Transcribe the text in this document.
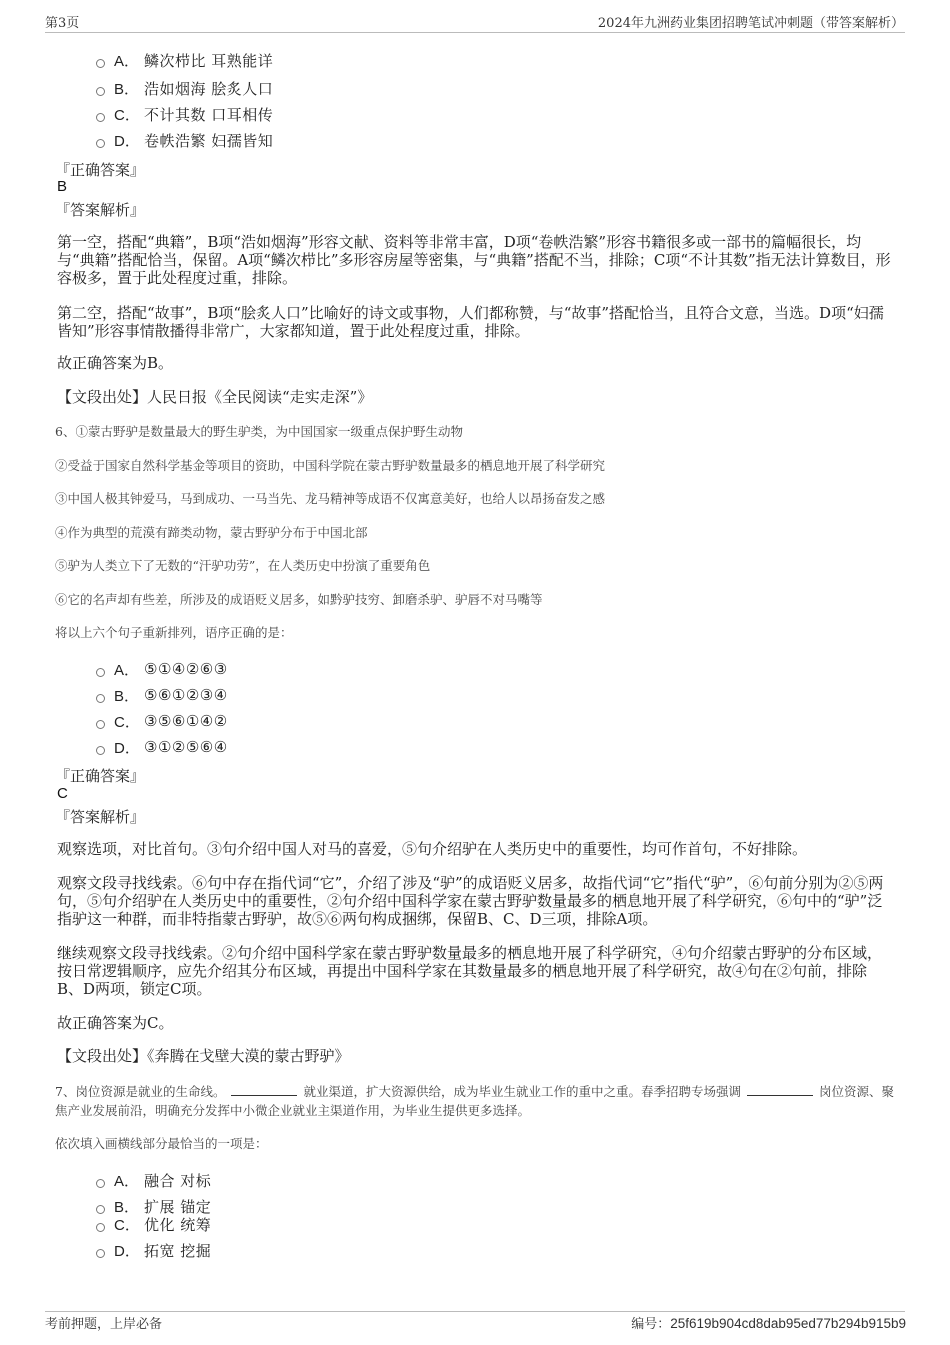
第3页	2024年九洲药业集团招聘笔试冲刺题（带答案解析）
A． 鳞次栉比 耳熟能详
B． 浩如烟海 脍炙人口
C． 不计其数 口耳相传
D． 卷帙浩繁 妇孺皆知
『正确答案』
B
『答案解析』

第一空，搭配“典籍”，B项“浩如烟海”形容文献、资料等非常丰富，D项“卷帙浩繁”形容书籍很多或一部书的篇幅很长，均与“典籍”搭配恰当，保留。A项“鳞次栉比”多形容房屋等密集，与“典籍”搭配不当，排除；C项“不计其数”指无法计算数目，形容极多，置于此处程度过重，排除。

第二空，搭配“故事”，B项“脍炙人口”比喻好的诗文或事物，人们都称赞，与“故事”搭配恰当，且符合文意，当选。D项“妇孺皆知”形容事情散播得非常广，大家都知道，置于此处程度过重，排除。

故正确答案为B。

【文段出处】人民日报《全民阅读“走实走深”》

6、①蒙古野驴是数量最大的野生驴类，为中国国家一级重点保护野生动物

②受益于国家自然科学基金等项目的资助，中国科学院在蒙古野驴数量最多的栖息地开展了科学研究

③中国人极其钟爱马，马到成功、一马当先、龙马精神等成语不仅寓意美好，也给人以昂扬奋发之感

④作为典型的荒漠有蹄类动物，蒙古野驴分布于中国北部

⑤驴为人类立下了无数的“汗驴功劳”，在人类历史中扮演了重要角色

⑥它的名声却有些差，所涉及的成语贬义居多，如黔驴技穷、卸磨杀驴、驴唇不对马嘴等

将以上六个句子重新排列，语序正确的是：

A． ⑤①④②⑥③
B． ⑤⑥①②③④
C． ③⑤⑥①④②
D． ③①②⑤⑥④
『正确答案』
C
『答案解析』

观察选项，对比首句。③句介绍中国人对马的喜爱，⑤句介绍驴在人类历史中的重要性，均可作首句，不好排除。

观察文段寻找线索。⑥句中存在指代词“它”，介绍了涉及“驴”的成语贬义居多，故指代词“它”指代“驴”，⑥句前分别为②⑤两句，⑤句介绍驴在人类历史中的重要性，②句介绍中国科学家在蒙古野驴数量最多的栖息地开展了科学研究，⑥句中的“驴”泛指驴这一种群，而非特指蒙古野驴，故⑤⑥两句构成捆绑，保留B、C、D三项，排除A项。

继续观察文段寻找线索。②句介绍中国科学家在蒙古野驴数量最多的栖息地开展了科学研究，④句介绍蒙古野驴的分布区域，按日常逻辑顺序，应先介绍其分布区域，再提出中国科学家在其数量最多的栖息地开展了科学研究，故④句在②句前，排除B、D两项，锁定C项。

故正确答案为C。

【文段出处】《奔腾在戈壁大漠的蒙古野驴》

7、岗位资源是就业的生命线。	就业渠道，扩大资源供给，成为毕业生就业工作的重中之重。春季招聘专场强调	岗位资源、聚焦产业发展前沿，明确充分发挥中小微企业就业主渠道作用，为毕业生提供更多选择。

依次填入画横线部分最恰当的一项是：

A． 融合 对标
B． 扩展 锚定
C． 优化 统筹
D． 拓宽 挖掘
考前押题，上岸必备	编号：25f619b904cd8dab95ed77b294b915b9
